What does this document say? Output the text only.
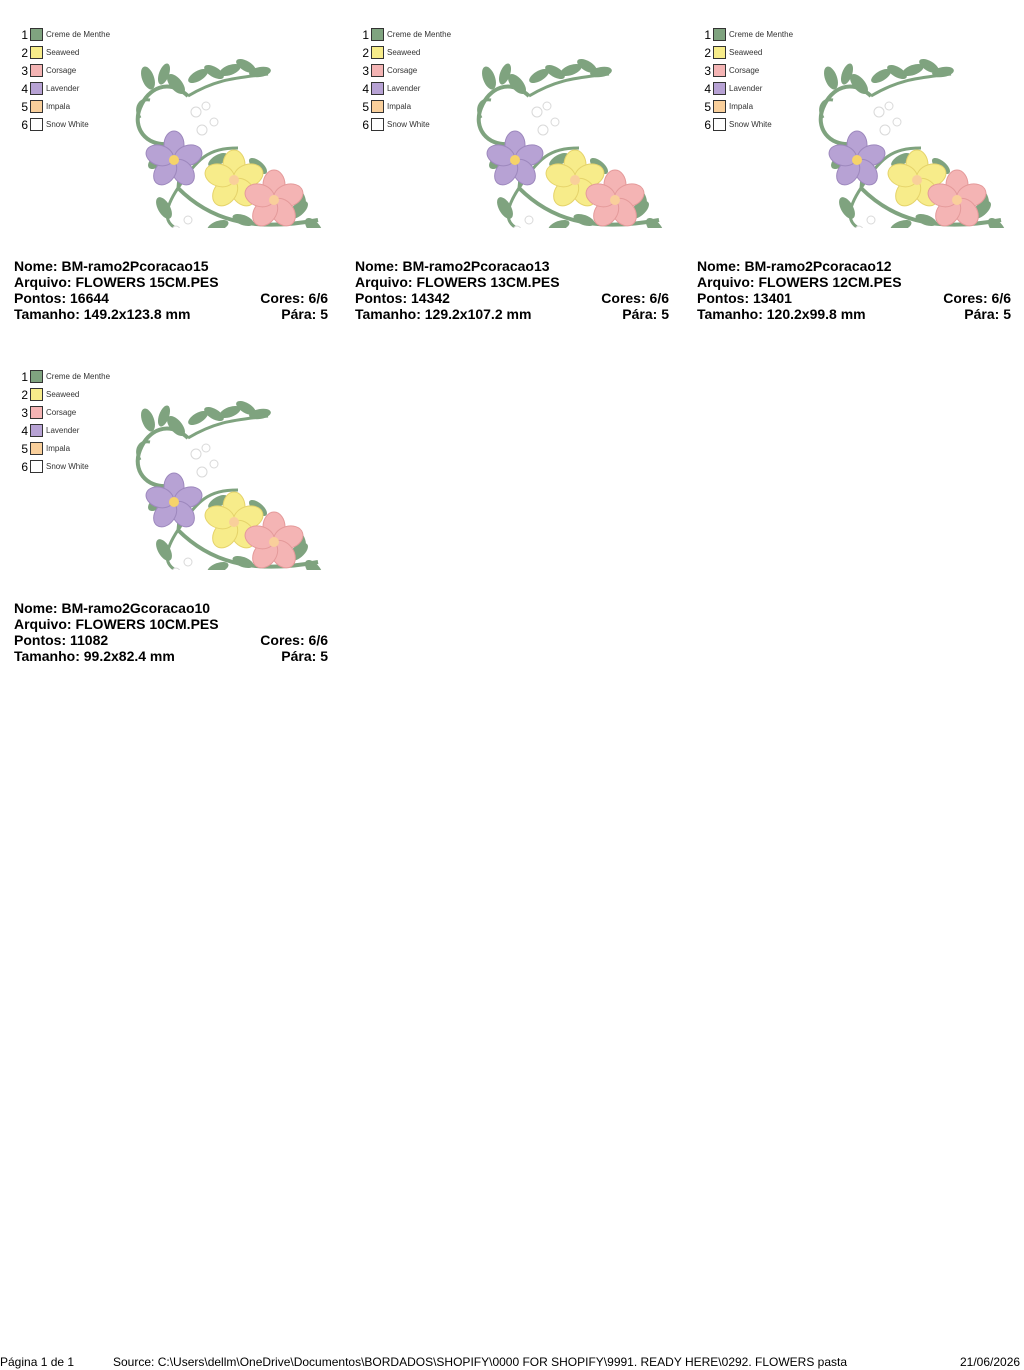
1 Creme de Menthe
2 Seaweed
3 Corsage
4 Lavender
5 Impala
6 Snow White
Nome: BM-ramo2Pcoracao15
Arquivo: FLOWERS 15CM.PES
Pontos: 16644	Cores: 6/6
Tamanho: 149.2x123.8 mm	Pára: 5
1 Creme de Menthe
2 Seaweed
3 Corsage
4 Lavender
5 Impala
6 Snow White
Nome: BM-ramo2Pcoracao13
Arquivo: FLOWERS 13CM.PES
Pontos: 14342	Cores: 6/6
Tamanho: 129.2x107.2 mm	Pára: 5
1 Creme de Menthe
2 Seaweed
3 Corsage
4 Lavender
5 Impala
6 Snow White
Nome: BM-ramo2Pcoracao12
Arquivo: FLOWERS 12CM.PES
Pontos: 13401	Cores: 6/6
Tamanho: 120.2x99.8 mm	Pára: 5
1 Creme de Menthe
2 Seaweed
3 Corsage
4 Lavender
5 Impala
6 Snow White
Nome: BM-ramo2Gcoracao10
Arquivo: FLOWERS 10CM.PES
Pontos: 11082	Cores: 6/6
Tamanho: 99.2x82.4 mm	Pára: 5
Página 1 de 1	Source: C:\Users\dellm\OneDrive\Documentos\BORDADOS\SHOPIFY\0000 FOR SHOPIFY\9991. READY HERE\0292. FLOWERS pasta	21/06/2026
